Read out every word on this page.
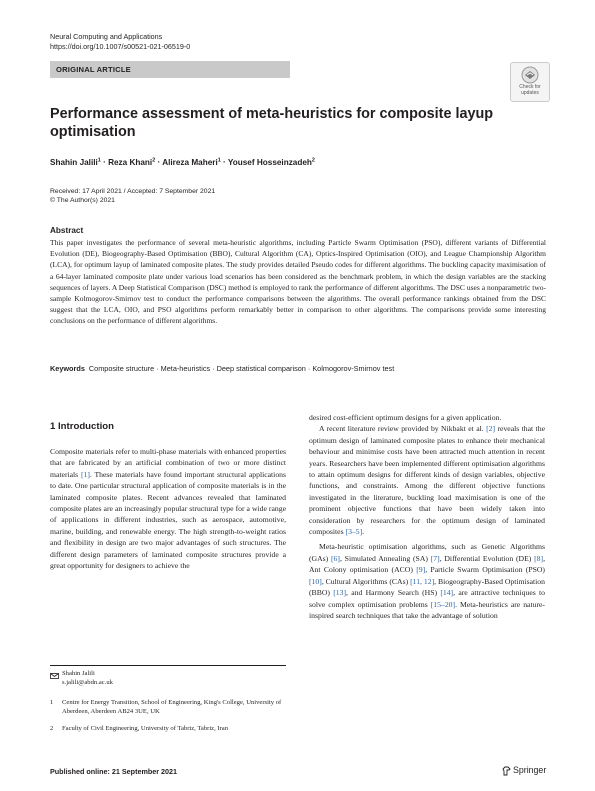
Neural Computing and Applications
https://doi.org/10.1007/s00521-021-06519-0
ORIGINAL ARTICLE
Check for
updates
Performance assessment of meta-heuristics for composite layup optimisation
Shahin Jalili$^1$ · Reza Khani$^2$ · Alireza Maheri$^1$ · Yousef Hosseinzadeh$^2$
Received: 17 April 2021 / Accepted: 7 September 2021
© The Author(s) 2021
Abstract
This paper investigates the performance of several meta-heuristic algorithms, including Particle Swarm Optimisation (PSO), different variants of Differential Evolution (DE), Biogeography-Based Optimisation (BBO), Cultural Algorithm (CA), Optics-Inspired Optimisation (OIO), and League Championship Algorithm (LCA), for optimum layup of laminated composite plates. The study provides detailed Pseudo codes for different algorithms. The buckling capacity maximisation of a 64-layer laminated composite plate under various load scenarios has been considered as the benchmark problem, in which the design variables are the stacking sequences of layers. A Deep Statistical Comparison (DSC) method is employed to rank the performance of different algorithms. The DSC uses a nonparametric two-sample Kolmogorov-Smirnov test to conduct the performance comparisons between the algorithms. The overall performance rankings obtained from the DSC suggest that the LCA, OIO, and PSO algorithms perform remarkably better in comparison to other algorithms. The comparisons provide some interesting conclusions on the performance of different algorithms.
Keywords Composite structure · Meta-heuristics · Deep statistical comparison · Kolmogorov-Smirnov test
1 Introduction

Composite materials refer to multi-phase materials with enhanced properties that are fabricated by an artificial combination of two or more distinct materials [1]. These materials have found important structural applications to date. One particular structural application of composite materials is in the laminated composite plates. Recent advances revealed that laminated composite plates are an increasingly popular structural type for a wide range of applications in different industries, such as aerospace, automotive, marine, building, and renewable energy. The high strength-to-weight ratios and flexibility in design are two major advantages of such structures. The different design parameters of laminated composite structures provide a great opportunity for designers to achieve the

desired cost-efficient optimum designs for a given application.

A recent literature review provided by Nikbakt et al. [2] reveals that the optimum design of laminated composite plates to enhance their mechanical behaviour and minimise costs have been attracted much attention in recent years. Researchers have been implemented different optimisation algorithms to attain optimum designs for different kinds of design variables, objective functions, and constraints. Among the different objective functions investigated in the literature, buckling load maximisation is one of the prominent objective functions that have been widely taken into consideration by researchers for the optimum design of laminated composites [3–5].

Meta-heuristic optimisation algorithms, such as Genetic Algorithms (GAs) [6], Simulated Annealing (SA) [7], Differential Evolution (DE) [8], Ant Colony optimisation (ACO) [9], Particle Swarm Optimisation (PSO) [10], Cultural Algorithms (CAs) [11, 12], Biogeography-Based Optimisation (BBO) [13], and Harmony Search (HS) [14], are attractive techniques to solve complex optimisation problems [15–20]. Meta-heuristics are nature-inspired search techniques that take the advantage of solution

Shahin Jalili
s.jalili@abdn.ac.uk
1 Centre for Energy Transition, School of Engineering, King's College, University of Aberdeen, Aberdeen AB24 3UE, UK
2 Faculty of Civil Engineering, University of Tabriz, Tabriz, Iran
Published online: 21 September 2021	Springer
